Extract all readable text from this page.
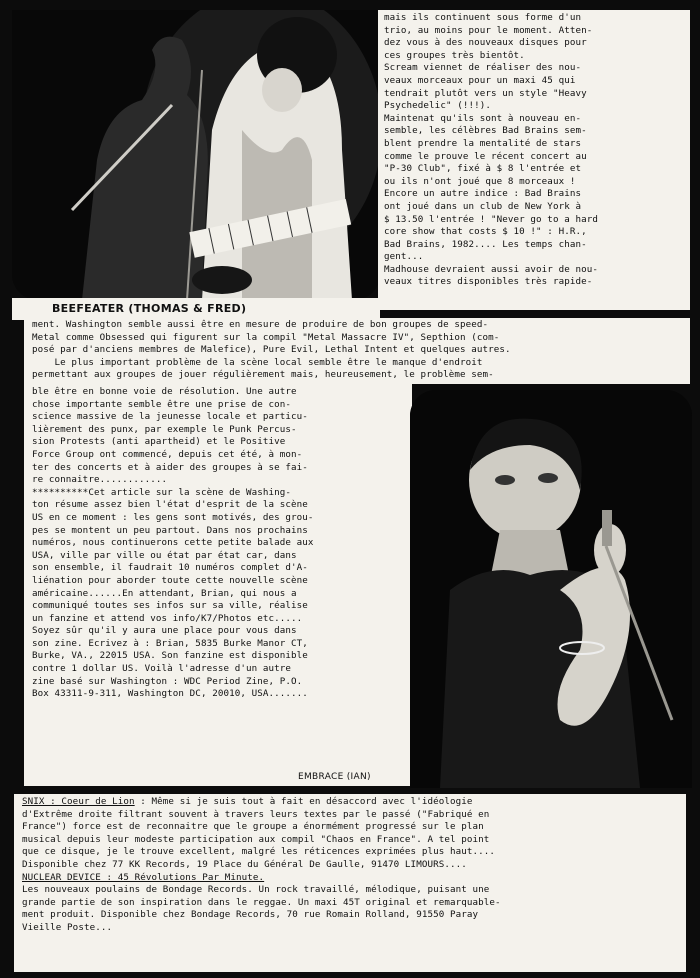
BEEFEATER (THOMAS & FRED)
mais ils continuent sous forme d'un
trio, au moins pour le moment. Atten-
dez vous à des nouveaux disques pour
ces groupes très bientôt.
Scream viennet de réaliser des nou-
veaux morceaux pour un maxi 45 qui
tendrait plutôt vers un style "Heavy
Psychedelic" (!!!).
Maintenat qu'ils sont à nouveau en-
semble, les célèbres Bad Brains sem-
blent prendre la mentalité de stars
comme le prouve le récent concert au
"P-30 Club", fixé à $ 8 l'entrée et
ou ils n'ont joué que 8 morceaux !
Encore un autre indice : Bad Brains
ont joué dans un club de New York à
$ 13.50 l'entrée ! "Never go to a hard
core show that costs $ 10 !" : H.R.,
Bad Brains, 1982.... Les temps chan-
gent...
Madhouse devraient aussi avoir de nou-
veaux titres disponibles très rapide-
ment. Washington semble aussi être en mesure de produire de bon groupes de speed-
Metal comme Obsessed qui figurent sur la compil "Metal Massacre IV", Septhion (com-
posé par d'anciens membres de Malefice), Pure Evil, Lethal Intent et quelques autres.
Le plus important problème de la scène local semble être le manque d'endroit
permettant aux groupes de jouer régulièrement mais, heureusement, le problème sem-
ble être en bonne voie de résolution. Une autre
chose importante semble être une prise de con-
science massive de la jeunesse locale et particu-
lièrement des punx, par exemple le Punk Percus-
sion Protests (anti apartheid) et le Positive
Force Group ont commencé, depuis cet été, à mon-
ter des concerts et à aider des groupes à se fai-
re connaitre............
**********Cet article sur la scène de Washing-
ton résume assez bien l'état d'esprit de la scène
US en ce moment : les gens sont motivés, des grou-
pes se montent un peu partout. Dans nos prochains
numéros, nous continuerons cette petite balade aux
USA, ville par ville ou état par état car, dans
son ensemble, il faudrait 10 numéros complet d'A-
liénation pour aborder toute cette nouvelle scène
américaine......En attendant, Brian, qui nous a
communiqué toutes ses infos sur sa ville, réalise
un fanzine et attend vos info/K7/Photos etc.....
Soyez sûr qu'il y aura une place pour vous dans
son zine. Ecrivez à : Brian, 5835 Burke Manor CT,
Burke, VA., 22015 USA. Son fanzine est disponible
contre 1 dollar US. Voilà l'adresse d'un autre
zine basé sur Washington : WDC Period Zine, P.O.
Box 43311-9-311, Washington DC, 20010, USA.......
EMBRACE (IAN)
SNIX : Coeur de Lion : Même si je suis tout à fait en désaccord avec l'idéologie
d'Extrême droite filtrant souvent à travers leurs textes par le passé ("Fabriqué en
France") force est de reconnaitre que le groupe a énormément progressé sur le plan
musical depuis leur modeste participation aux compil "Chaos en France". A tel point
que ce disque, je le trouve excellent, malgré les réticences exprimées plus haut....
Disponible chez 77 KK Records, 19 Place du Général De Gaulle, 91470 LIMOURS....
NUCLEAR DEVICE : 45 Révolutions Par Minute.
Les nouveaux poulains de Bondage Records. Un rock travaillé, mélodique, puisant une
grande partie de son inspiration dans le reggae. Un maxi 45T original et remarquable-
ment produit. Disponible chez Bondage Records, 70 rue Romain Rolland, 91550 Paray
Vieille Poste...
